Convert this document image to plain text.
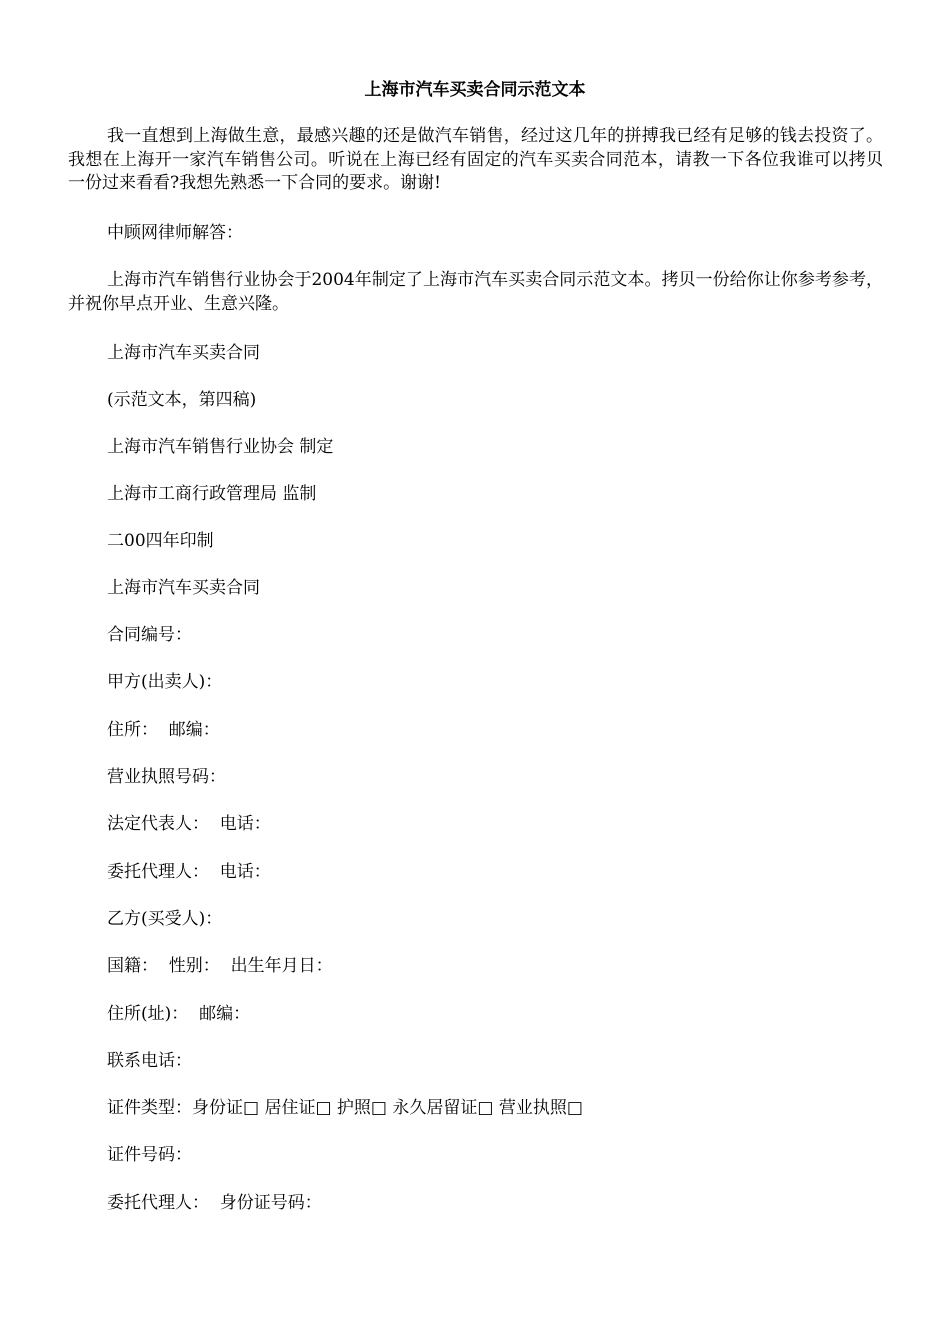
上海市汽车买卖合同示范文本

我一直想到上海做生意，最感兴趣的还是做汽车销售，经过这几年的拼搏我已经有足够的钱去投资了。我想在上海开一家汽车销售公司。听说在上海已经有固定的汽车买卖合同范本，请教一下各位我谁可以拷贝一份过来看看?我想先熟悉一下合同的要求。谢谢!

中顾网律师解答：

上海市汽车销售行业协会于2004年制定了上海市汽车买卖合同示范文本。拷贝一份给你让你参考参考，并祝你早点开业、生意兴隆。

上海市汽车买卖合同

(示范文本，第四稿)

上海市汽车销售行业协会 制定

上海市工商行政管理局 监制

二00四年印制

上海市汽车买卖合同

合同编号：

甲方(出卖人)：

住所：  邮编：

营业执照号码：

法定代表人：  电话：

委托代理人：  电话：

乙方(买受人)：

国籍：  性别：  出生年月日：

住所(址)：  邮编：

联系电话：

证件类型：身份证□ 居住证□ 护照□ 永久居留证□ 营业执照□

证件号码：

委托代理人：  身份证号码：
